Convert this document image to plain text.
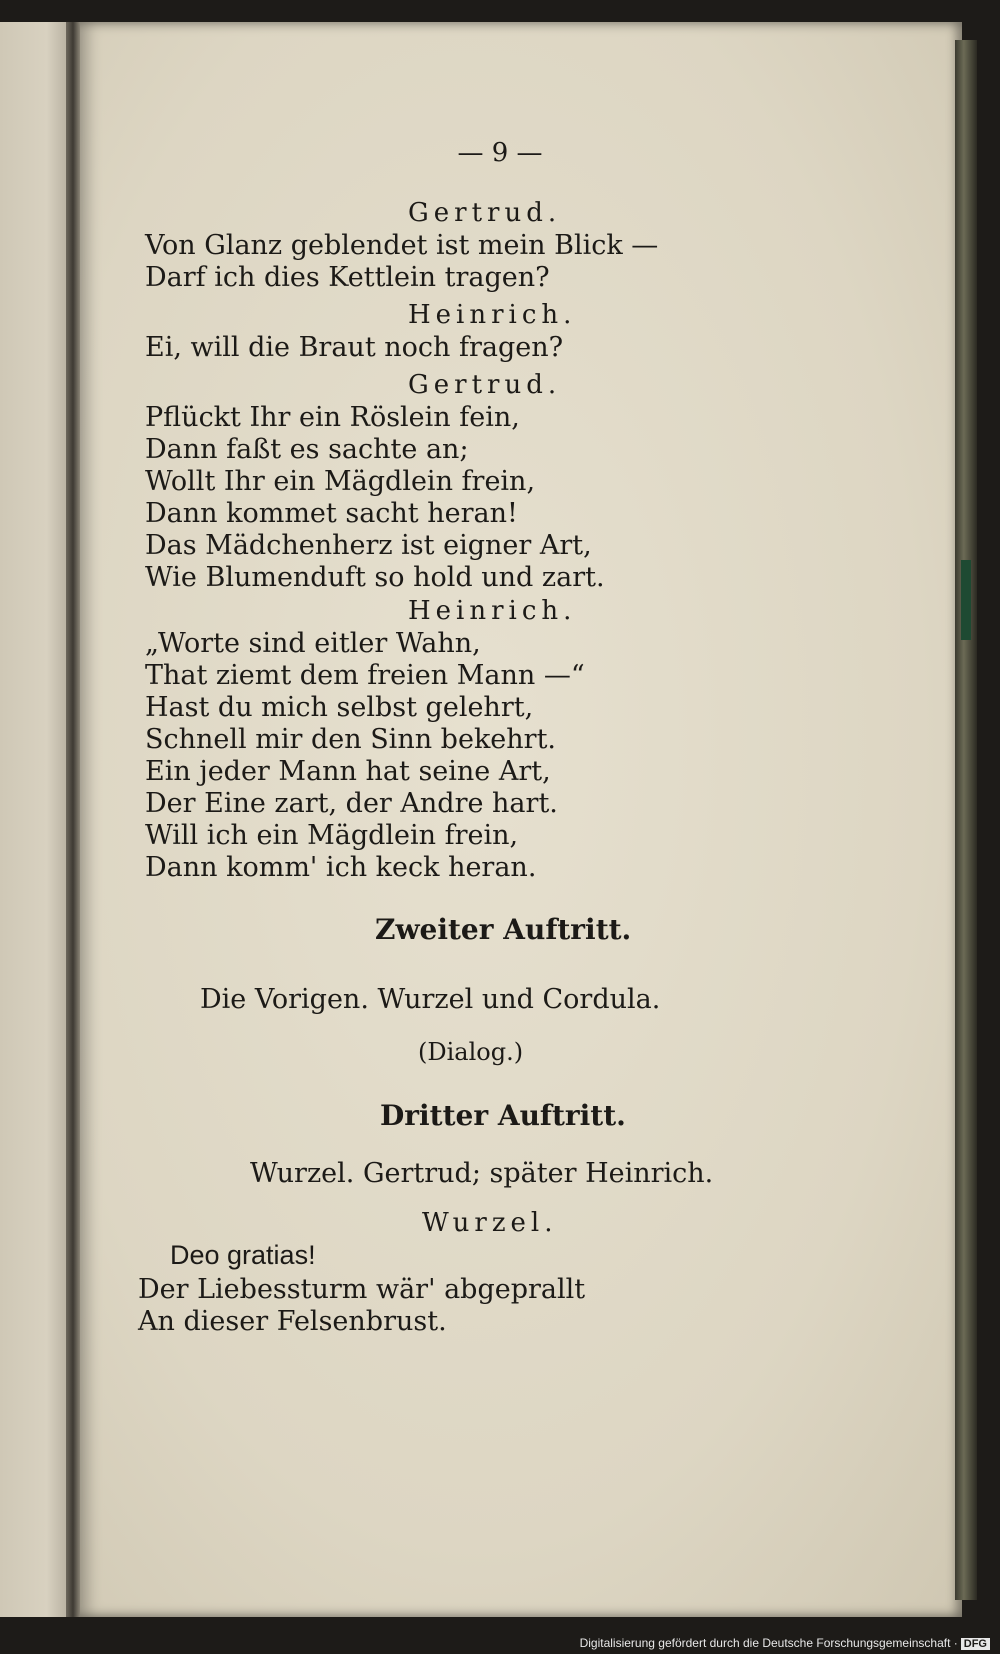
— 9 —
Gertrud.
Von Glanz geblendet ist mein Blick —
Darf ich dies Kettlein tragen?
Heinrich.
Ei, will die Braut noch fragen?
Gertrud.
Pflückt Ihr ein Röslein fein,
Dann faßt es sachte an;
Wollt Ihr ein Mägdlein frein,
Dann kommet sacht heran!
Das Mädchenherz ist eigner Art,
Wie Blumenduft so hold und zart.
Heinrich.
„Worte sind eitler Wahn,
That ziemt dem freien Mann —“
Hast du mich selbst gelehrt,
Schnell mir den Sinn bekehrt.
Ein jeder Mann hat seine Art,
Der Eine zart, der Andre hart.
Will ich ein Mägdlein frein,
Dann komm' ich keck heran.
Zweiter Auftritt.
Die Vorigen. Wurzel und Cordula.
(Dialog.)
Dritter Auftritt.
Wurzel. Gertrud; später Heinrich.
Wurzel.
Deo gratias!
Der Liebessturm wär' abgeprallt
An dieser Felsenbrust.
Digitalisierung gefördert durch die Deutsche Forschungsgemeinschaft · DFG
